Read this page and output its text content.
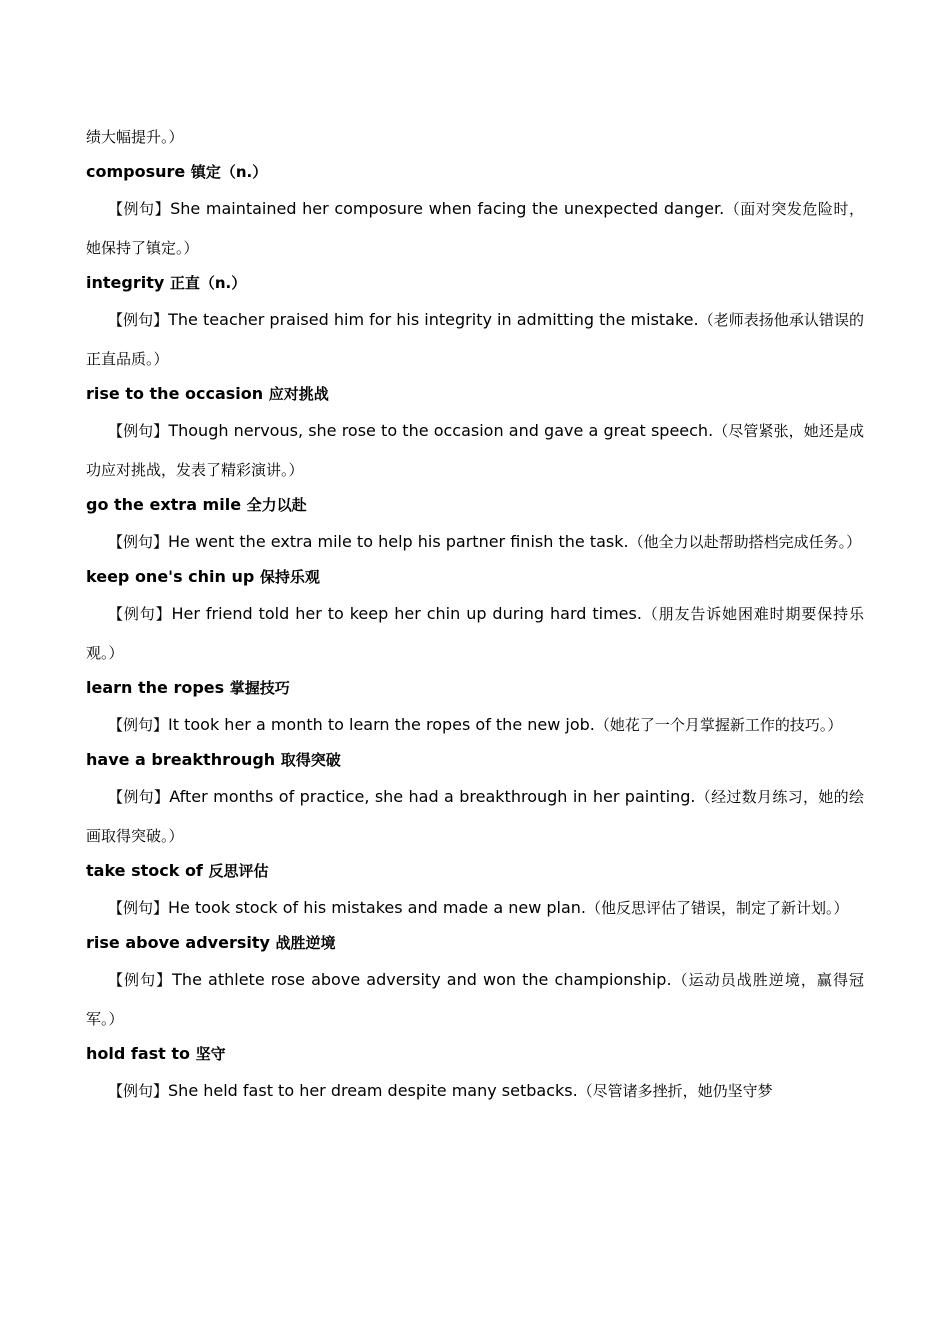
绩大幅提升。）
composure 镇定（n.）
【例句】She maintained her composure when facing the unexpected danger.（面对突发危险时，她保持了镇定。）
integrity 正直（n.）
【例句】The teacher praised him for his integrity in admitting the mistake.（老师表扬他承认错误的正直品质。）
rise to the occasion 应对挑战
【例句】Though nervous, she rose to the occasion and gave a great speech.（尽管紧张，她还是成功应对挑战，发表了精彩演讲。）
go the extra mile 全力以赴
【例句】He went the extra mile to help his partner finish the task.（他全力以赴帮助搭档完成任务。）
keep one's chin up 保持乐观
【例句】Her friend told her to keep her chin up during hard times.（朋友告诉她困难时期要保持乐观。）
learn the ropes 掌握技巧
【例句】It took her a month to learn the ropes of the new job.（她花了一个月掌握新工作的技巧。）
have a breakthrough 取得突破
【例句】After months of practice, she had a breakthrough in her painting.（经过数月练习，她的绘画取得突破。）
take stock of 反思评估
【例句】He took stock of his mistakes and made a new plan.（他反思评估了错误，制定了新计划。）
rise above adversity 战胜逆境
【例句】The athlete rose above adversity and won the championship.（运动员战胜逆境，赢得冠军。）
hold fast to 坚守
【例句】She held fast to her dream despite many setbacks.（尽管诸多挫折，她仍坚守梦
